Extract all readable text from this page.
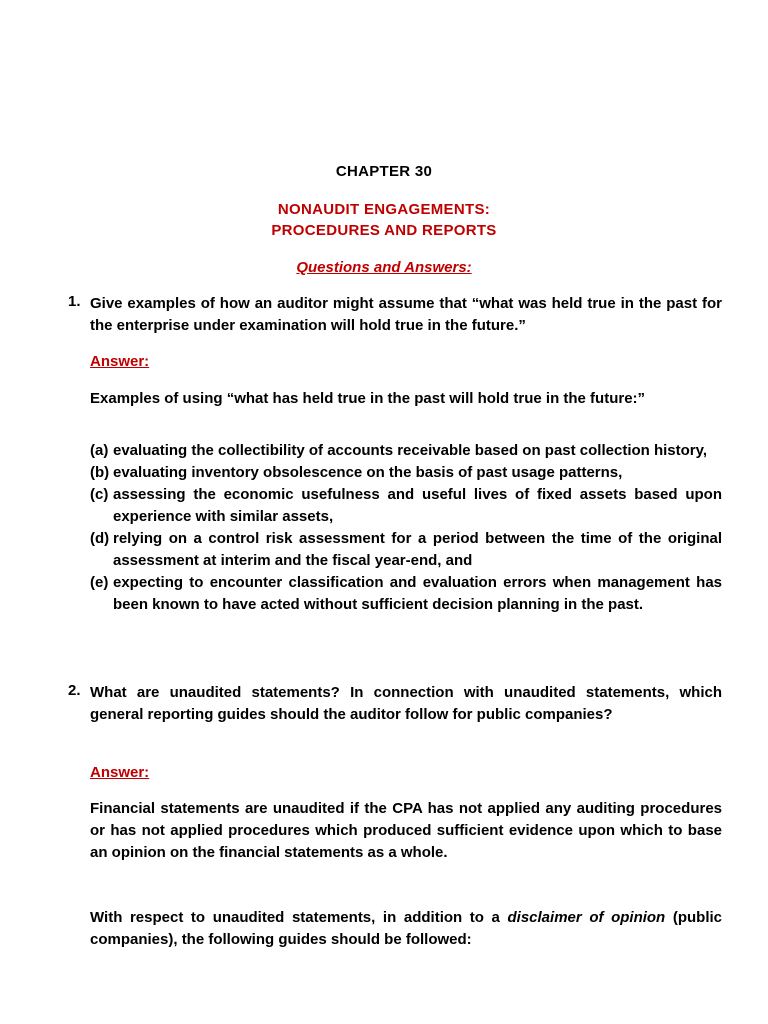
CHAPTER 30
NONAUDIT ENGAGEMENTS:
PROCEDURES AND REPORTS
Questions and Answers:
1. Give examples of how an auditor might assume that “what was held true in the past for the enterprise under examination will hold true in the future.”
Answer:
Examples of using “what has held true in the past will hold true in the future:”
(a) evaluating the collectibility of accounts receivable based on past collection history,
(b) evaluating inventory obsolescence on the basis of past usage patterns,
(c) assessing the economic usefulness and useful lives of fixed assets based upon experience with similar assets,
(d) relying on a control risk assessment for a period between the time of the original assessment at interim and the fiscal year-end, and
(e) expecting to encounter classification and evaluation errors when management has been known to have acted without sufficient decision planning in the past.
2. What are unaudited statements? In connection with unaudited statements, which general reporting guides should the auditor follow for public companies?
Answer:
Financial statements are unaudited if the CPA has not applied any auditing procedures or has not applied procedures which produced sufficient evidence upon which to base an opinion on the financial statements as a whole.
With respect to unaudited statements, in addition to a disclaimer of opinion (public companies), the following guides should be followed:
